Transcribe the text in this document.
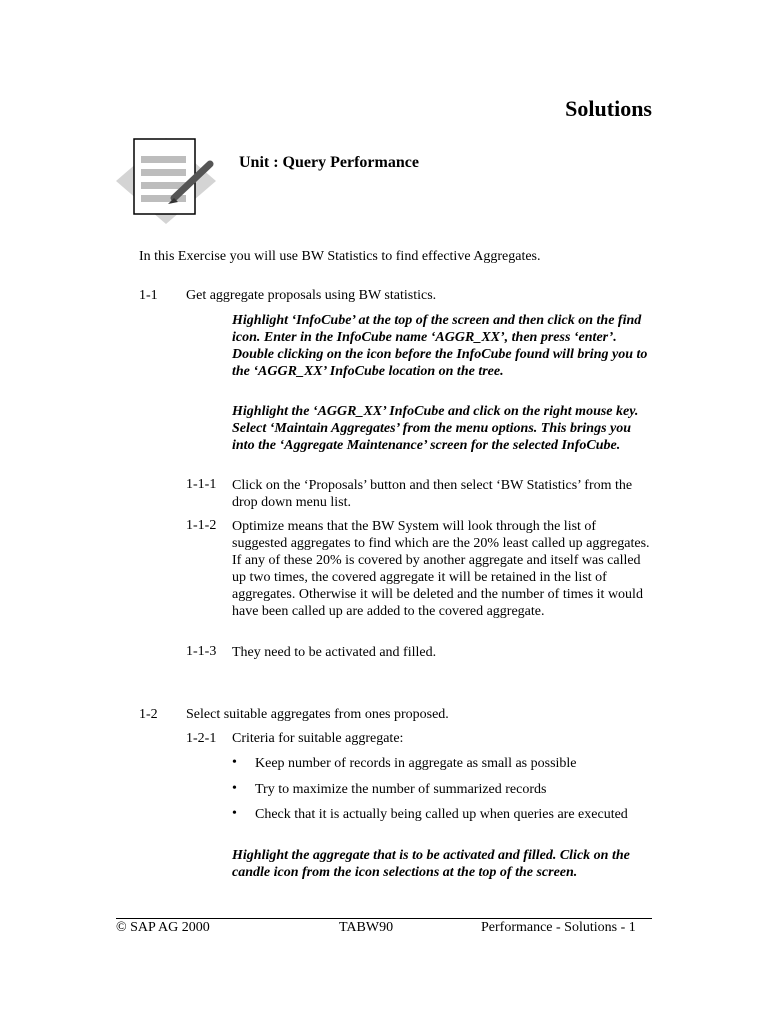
Solutions
Unit : Query Performance
In this Exercise you will use BW Statistics to find effective Aggregates.
1-1 Get aggregate proposals using BW statistics.
Highlight ‘InfoCube’ at the top of the screen and then click on the find icon. Enter in the InfoCube name ‘AGGR_XX’, then press ‘enter’. Double clicking on the icon before the InfoCube found will bring you to the ‘AGGR_XX’ InfoCube location on the tree.
Highlight the ‘AGGR_XX’ InfoCube and click on the right mouse key. Select ‘Maintain Aggregates’ from the menu options. This brings you into the ‘Aggregate Maintenance’ screen for the selected InfoCube.
1-1-1 Click on the ‘Proposals’ button and then select ‘BW Statistics’ from the drop down menu list.
1-1-2 Optimize means that the BW System will look through the list of suggested aggregates to find which are the 20% least called up aggregates. If any of these 20% is covered by another aggregate and itself was called up two times, the covered aggregate it will be retained in the list of aggregates. Otherwise it will be deleted and the number of times it would have been called up are added to the covered aggregate.
1-1-3 They need to be activated and filled.
1-2 Select suitable aggregates from ones proposed.
1-2-1 Criteria for suitable aggregate:
• Keep number of records in aggregate as small as possible
• Try to maximize the number of summarized records
• Check that it is actually being called up when queries are executed
Highlight the aggregate that is to be activated and filled. Click on the candle icon from the icon selections at the top of the screen.
© SAP AG 2000	TABW90	Performance - Solutions - 1
